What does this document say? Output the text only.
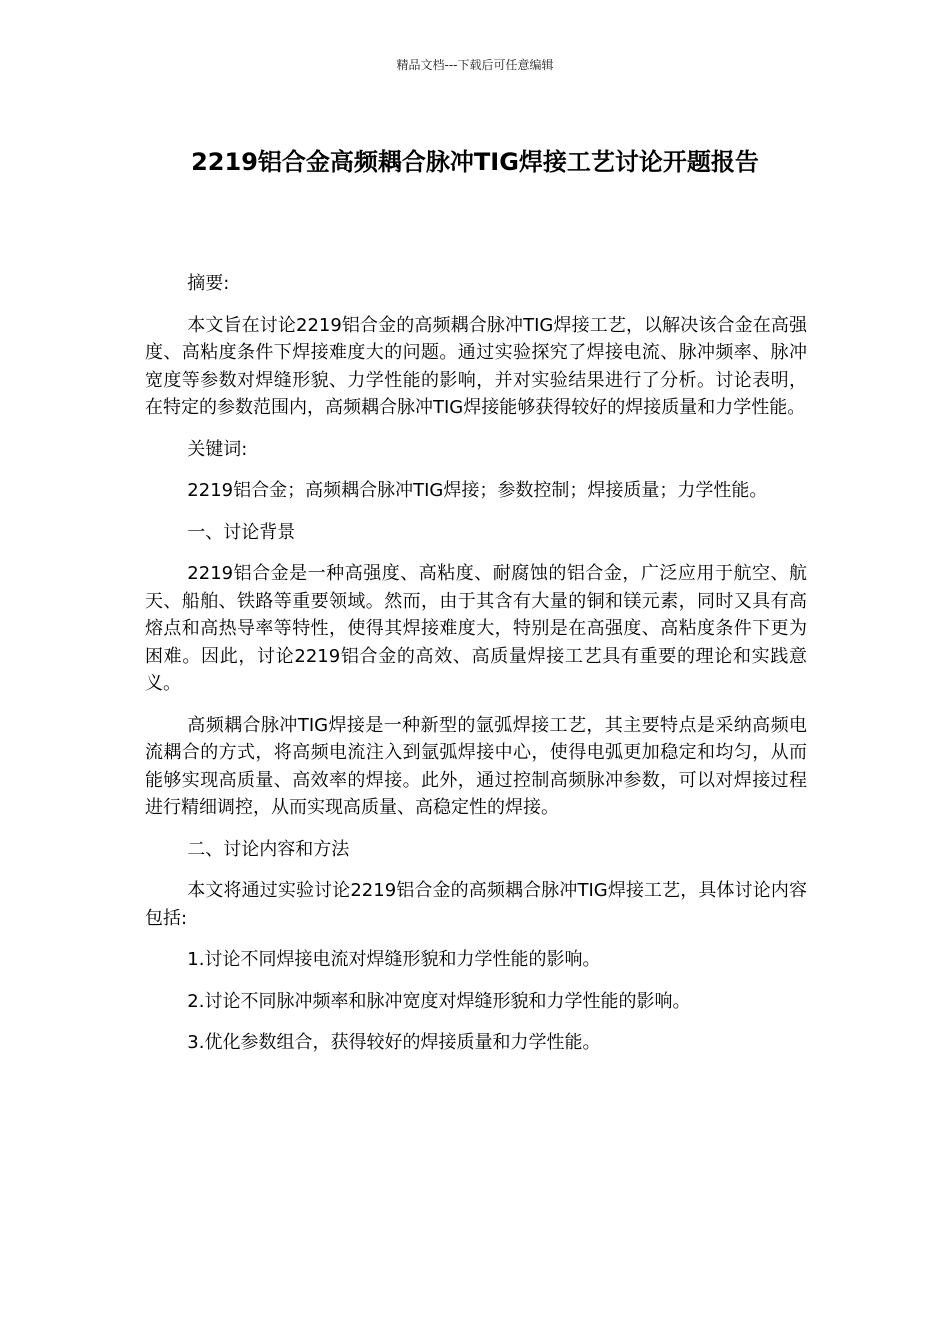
精品文档---下载后可任意编辑
2219铝合金高频耦合脉冲TIG焊接工艺讨论开题报告

摘要:

本文旨在讨论2219铝合金的高频耦合脉冲TIG焊接工艺，以解决该合金在高强度、高粘度条件下焊接难度大的问题。通过实验探究了焊接电流、脉冲频率、脉冲宽度等参数对焊缝形貌、力学性能的影响，并对实验结果进行了分析。讨论表明，在特定的参数范围内，高频耦合脉冲TIG焊接能够获得较好的焊接质量和力学性能。

关键词:

2219铝合金；高频耦合脉冲TIG焊接；参数控制；焊接质量；力学性能。

一、讨论背景

2219铝合金是一种高强度、高粘度、耐腐蚀的铝合金，广泛应用于航空、航天、船舶、铁路等重要领域。然而，由于其含有大量的铜和镁元素，同时又具有高熔点和高热导率等特性，使得其焊接难度大，特别是在高强度、高粘度条件下更为困难。因此，讨论2219铝合金的高效、高质量焊接工艺具有重要的理论和实践意义。

高频耦合脉冲TIG焊接是一种新型的氩弧焊接工艺，其主要特点是采纳高频电流耦合的方式，将高频电流注入到氩弧焊接中心，使得电弧更加稳定和均匀，从而能够实现高质量、高效率的焊接。此外，通过控制高频脉冲参数，可以对焊接过程进行精细调控，从而实现高质量、高稳定性的焊接。

二、讨论内容和方法

本文将通过实验讨论2219铝合金的高频耦合脉冲TIG焊接工艺，具体讨论内容包括:

1.讨论不同焊接电流对焊缝形貌和力学性能的影响。

2.讨论不同脉冲频率和脉冲宽度对焊缝形貌和力学性能的影响。

3.优化参数组合，获得较好的焊接质量和力学性能。
